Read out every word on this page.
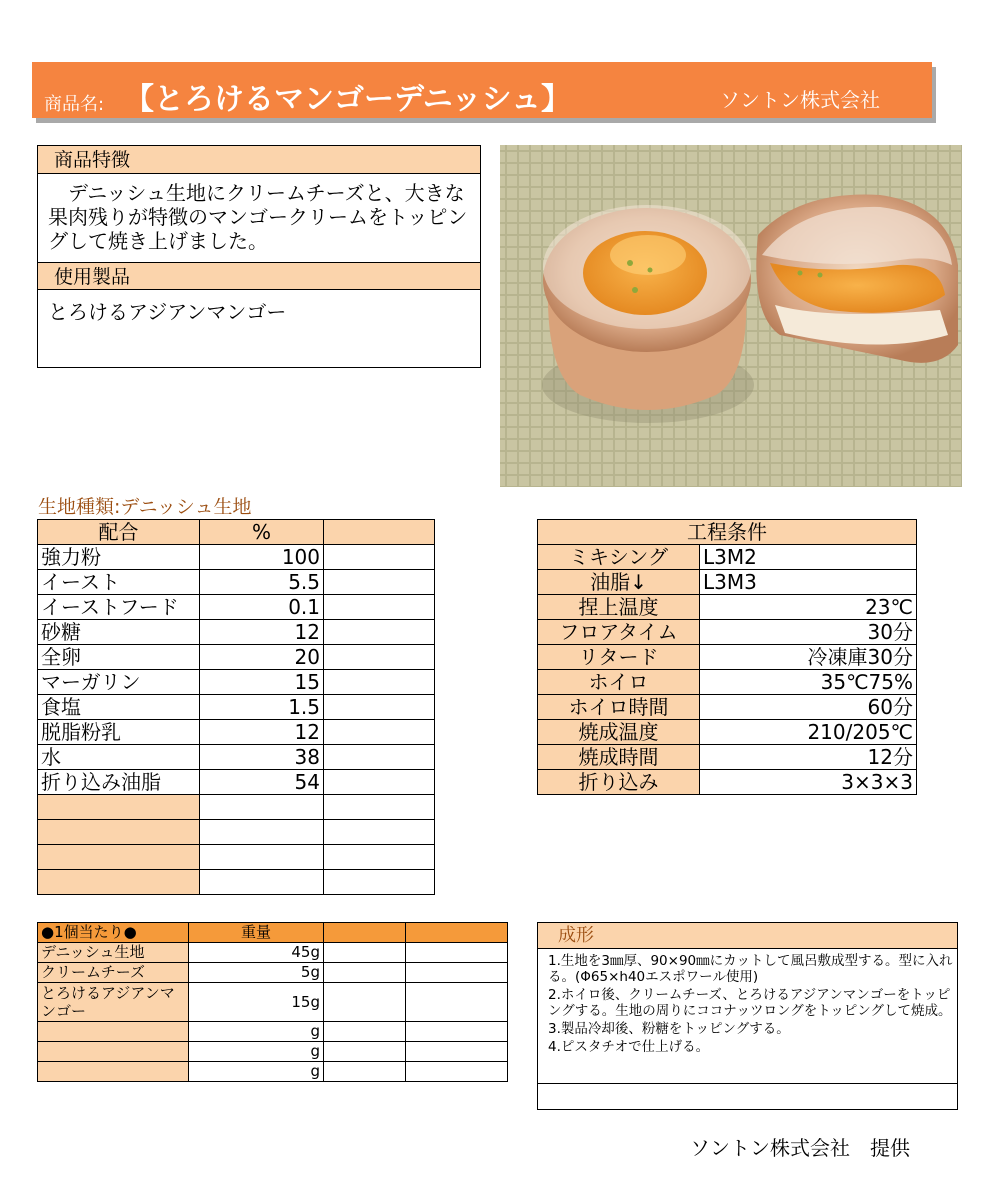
商品名: 【とろけるマンゴーデニッシュ】	ソントン株式会社
商品特徴
デニッシュ生地にクリームチーズと、大きな果肉残りが特徴のマンゴークリームをトッピングして焼き上げました。
使用製品
とろけるアジアンマンゴー
生地種類:デニッシュ生地
配合	%	
強力粉	100	
イースト	5.5	
イーストフード	0.1	
砂糖	12	
全卵	20	
マーガリン	15	
食塩	1.5	
脱脂粉乳	12	
水	38	
折り込み油脂	54	

工程条件	
ミキシング	L3M2
油脂↓	L3M3
捏上温度	23℃
フロアタイム	30分
リタード	冷凍庫30分
ホイロ	35℃75%
ホイロ時間	60分
焼成温度	210/205℃
焼成時間	12分
折り込み	3×3×3
●1個当たり●	重量		
デニッシュ生地	45g		
クリームチーズ	5g		
とろけるアジアンマンゴー	15g		
	g		
	g		
	g		
成形
1.生地を3㎜厚、90×90㎜にカットして風呂敷成型する。型に入れる。(Φ65×h40エスポワール使用)
2.ホイロ後、クリームチーズ、とろけるアジアンマンゴーをトッピングする。生地の周りにココナッツロングをトッピングして焼成。
3.製品冷却後、粉糖をトッピングする。
4.ピスタチオで仕上げる。
ソントン株式会社　提供
